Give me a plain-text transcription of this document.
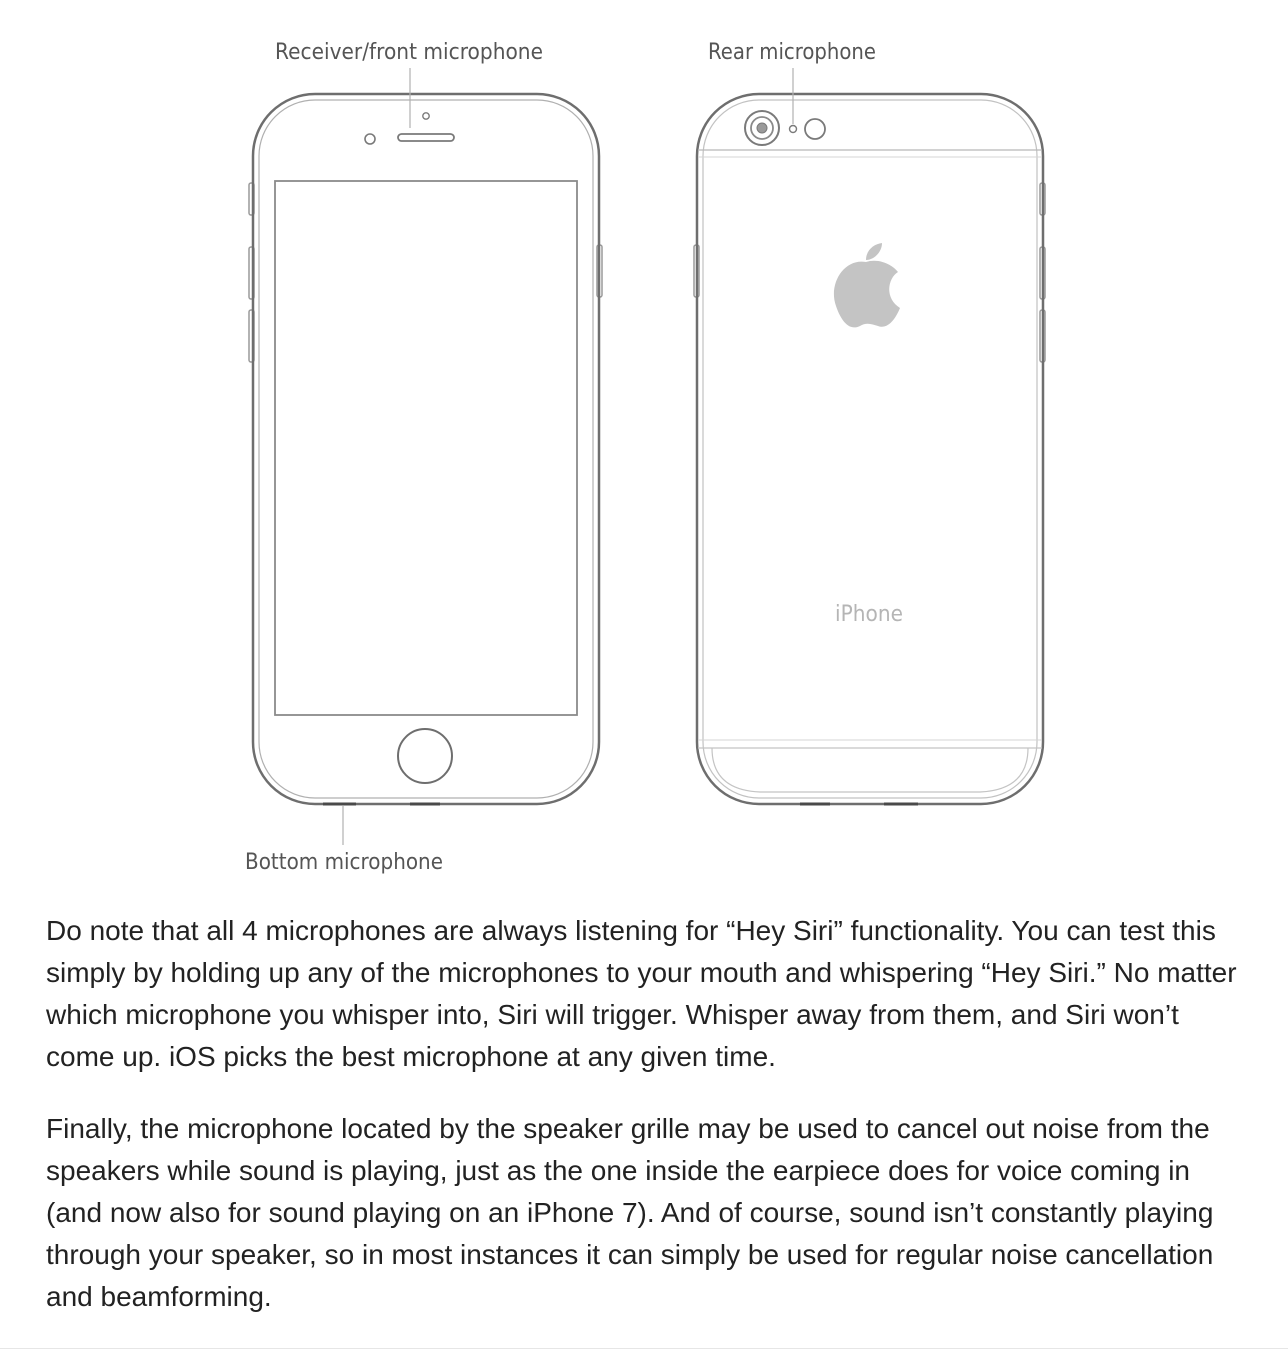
Receiver/front microphone	Rear microphone
Bottom microphone
iPhone

Do note that all 4 microphones are always listening for “Hey Siri” functionality. You can test this simply by holding up any of the microphones to your mouth and whispering “Hey Siri.” No matter which microphone you whisper into, Siri will trigger. Whisper away from them, and Siri won’t come up. iOS picks the best microphone at any given time.

Finally, the microphone located by the speaker grille may be used to cancel out noise from the speakers while sound is playing, just as the one inside the earpiece does for voice coming in (and now also for sound playing on an iPhone 7). And of course, sound isn’t constantly playing through your speaker, so in most instances it can simply be used for regular noise cancellation and beamforming.
